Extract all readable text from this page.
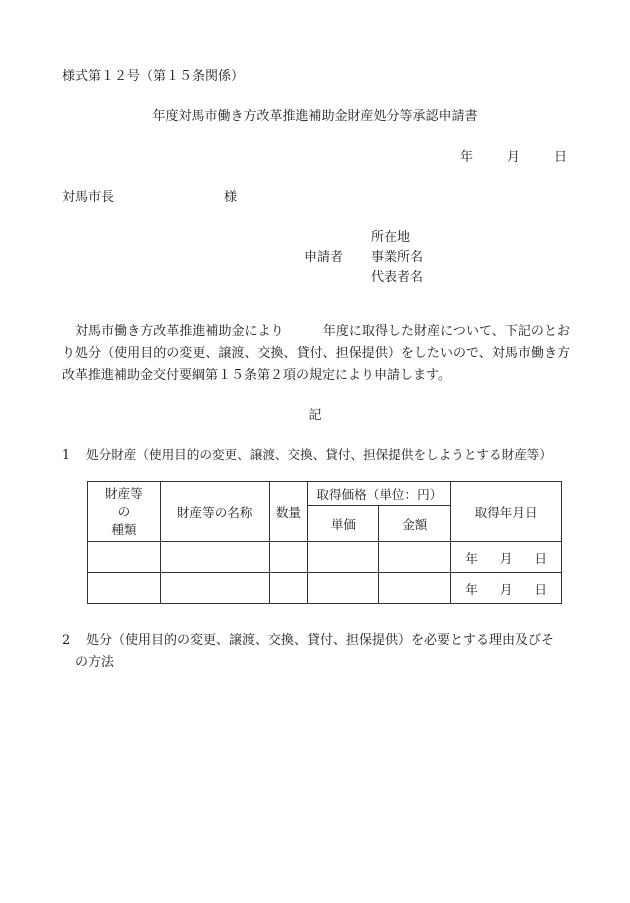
様式第１２号（第１５条関係）
年度対馬市働き方改革推進補助金財産処分等承認申請書
年	月	日
対馬市長	様
申請者
所在地
事業所名
代表者名
対馬市働き方改革推進補助金により　　　年度に取得した財産について、下記のとおり処分（使用目的の変更、譲渡、交換、貸付、担保提供）をしたいので、対馬市働き方改革推進補助金交付要綱第１５条第２項の規定により申請します。
記
1 処分財産（使用目的の変更、譲渡、交換、貸付、担保提供をしようとする財産等）
財産等
の
種類	財産等の名称	数量	取得価格（単位：円）		取得年月日
			単価	金額	
					年 月 日
					年 月 日
2 処分（使用目的の変更、譲渡、交換、貸付、担保提供）を必要とする理由及びそ
の方法
